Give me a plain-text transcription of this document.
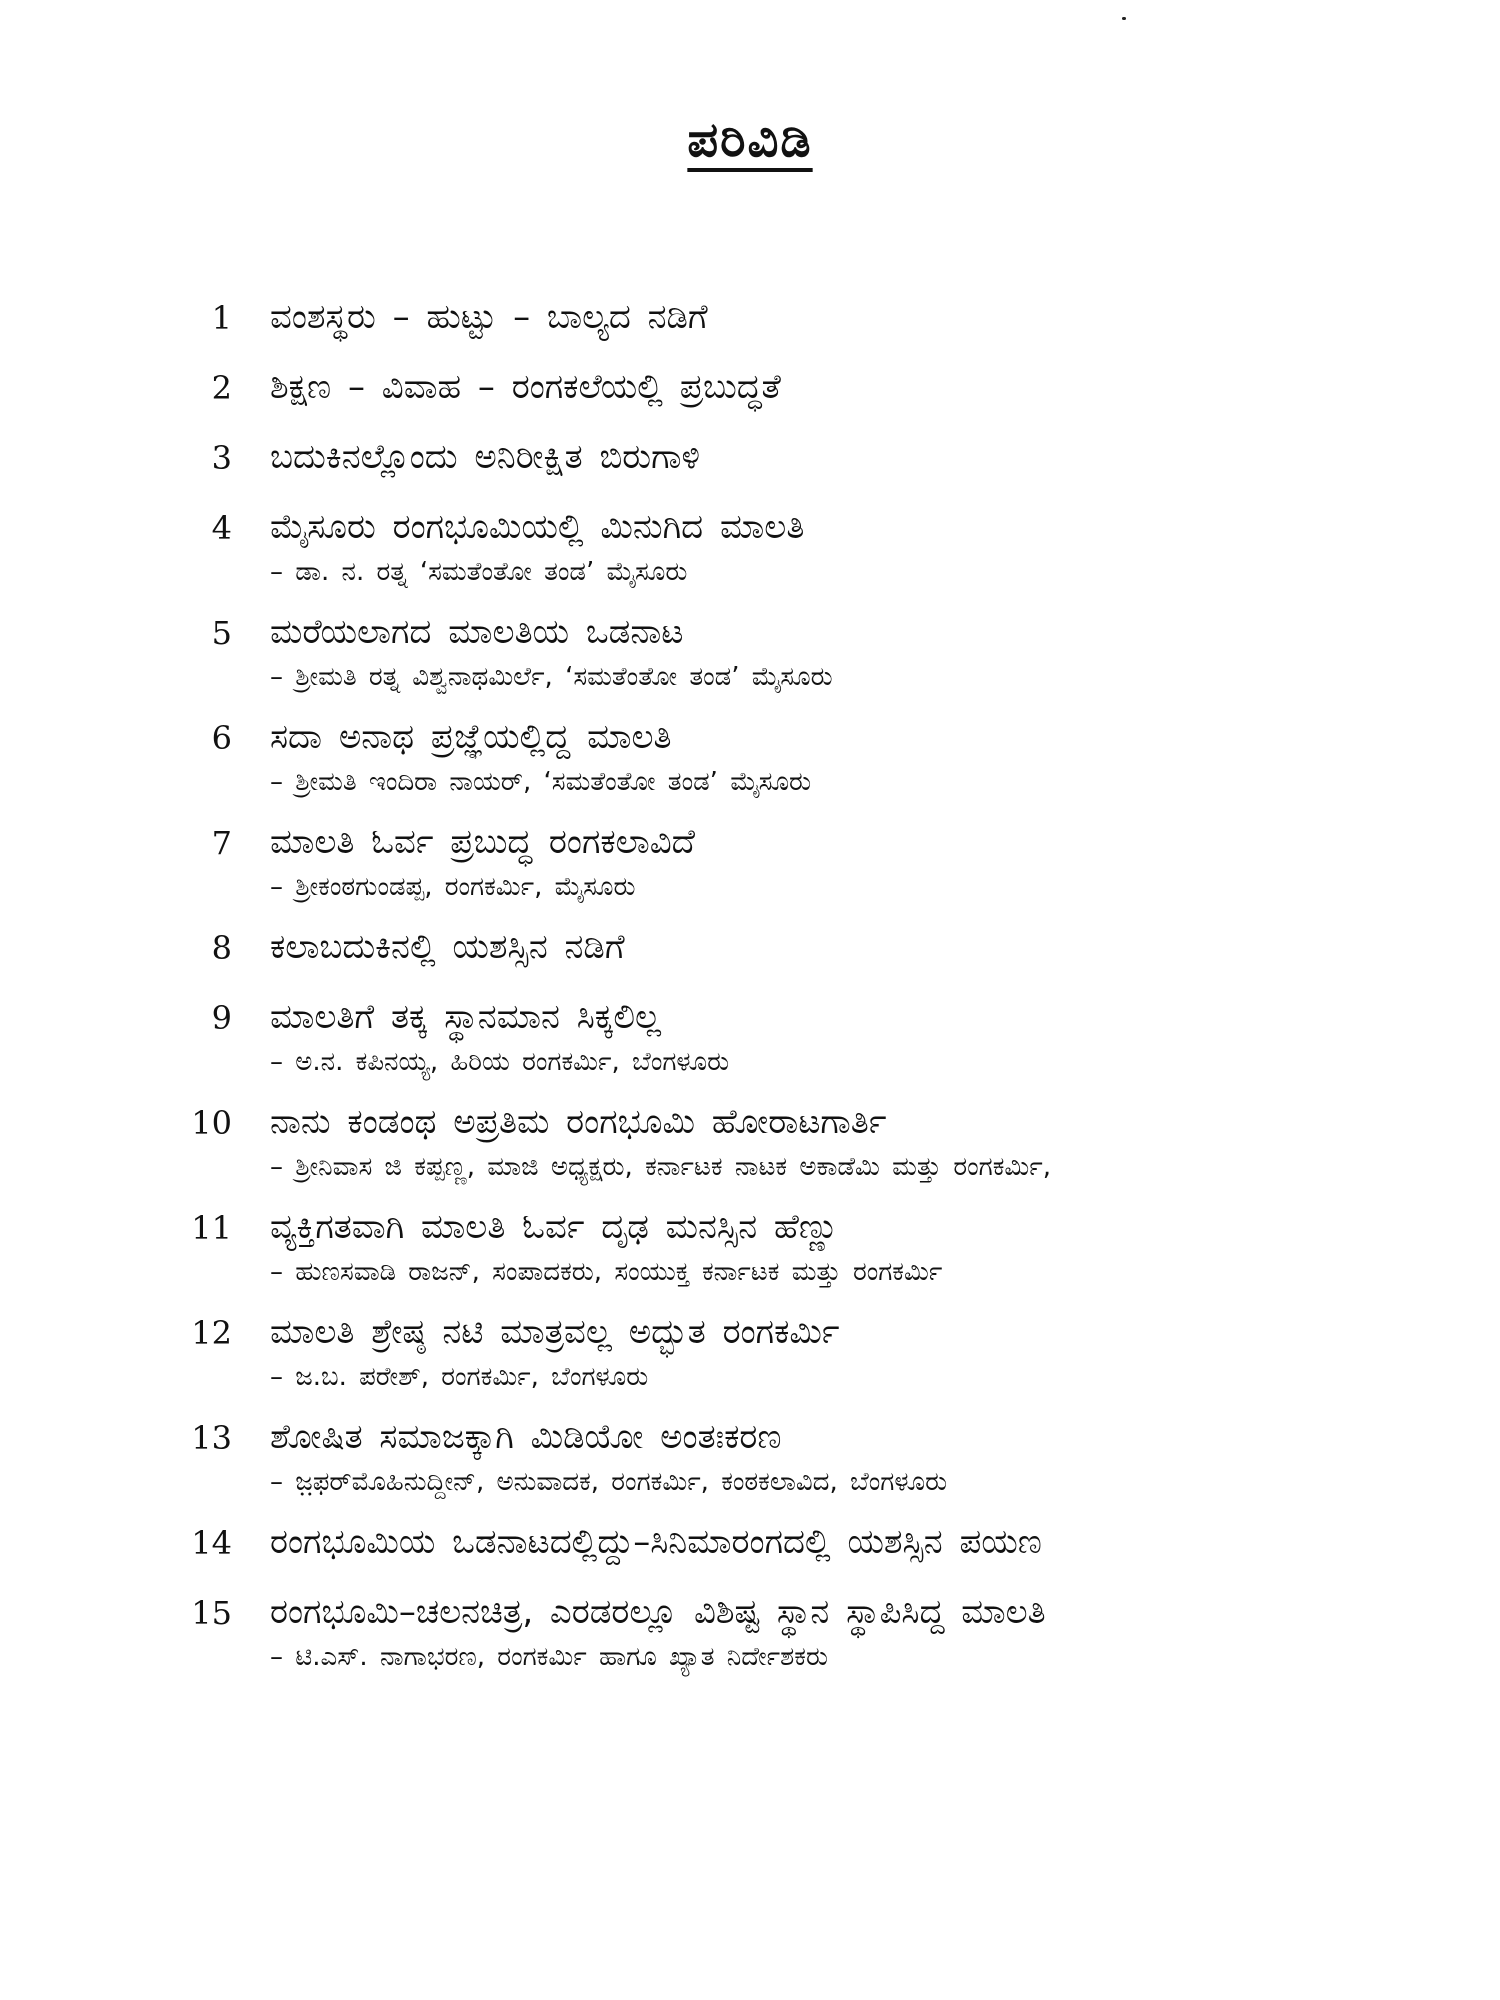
ಪರಿವಿಡಿ
1 ವಂಶಸ್ಥರು – ಹುಟ್ಟು – ಬಾಲ್ಯದ ನಡಿಗೆ
2 ಶಿಕ್ಷಣ – ವಿವಾಹ – ರಂಗಕಲೆಯಲ್ಲಿ ಪ್ರಬುದ್ಧತೆ
3 ಬದುಕಿನಲ್ಲೊಂದು ಅನಿರೀಕ್ಷಿತ ಬಿರುಗಾಳಿ
4 ಮೈಸೂರು ರಂಗಭೂಮಿಯಲ್ಲಿ ಮಿನುಗಿದ ಮಾಲತಿ
– ಡಾ. ನ. ರತ್ನ ‘ಸಮತೆಂತೋ ತಂಡ’ ಮೈಸೂರು
5 ಮರೆಯಲಾಗದ ಮಾಲತಿಯ ಒಡನಾಟ
– ಶ್ರೀಮತಿ ರತ್ನ ವಿಶ್ವನಾಥಮಿರ್ಲೆ, ‘ಸಮತೆಂತೋ ತಂಡ’ ಮೈಸೂರು
6 ಸದಾ ಅನಾಥ ಪ್ರಜ್ಞೆಯಲ್ಲಿದ್ದ ಮಾಲತಿ
– ಶ್ರೀಮತಿ ಇಂದಿರಾ ನಾಯರ್, ‘ಸಮತೆಂತೋ ತಂಡ’ ಮೈಸೂರು
7 ಮಾಲತಿ ಓರ್ವ ಪ್ರಬುದ್ಧ ರಂಗಕಲಾವಿದೆ
– ಶ್ರೀಕಂಠಗುಂಡಪ್ಪ, ರಂಗಕರ್ಮಿ, ಮೈಸೂರು
8 ಕಲಾಬದುಕಿನಲ್ಲಿ ಯಶಸ್ಸಿನ ನಡಿಗೆ
9 ಮಾಲತಿಗೆ ತಕ್ಕ ಸ್ಥಾನಮಾನ ಸಿಕ್ಕಲಿಲ್ಲ
– ಅ.ನ. ಕಪಿನಯ್ಯ, ಹಿರಿಯ ರಂಗಕರ್ಮಿ, ಬೆಂಗಳೂರು
10 ನಾನು ಕಂಡಂಥ ಅಪ್ರತಿಮ ರಂಗಭೂಮಿ ಹೋರಾಟಗಾರ್ತಿ
– ಶ್ರೀನಿವಾಸ ಜಿ ಕಪ್ಪಣ್ಣ, ಮಾಜಿ ಅಧ್ಯಕ್ಷರು, ಕರ್ನಾಟಕ ನಾಟಕ ಅಕಾಡೆಮಿ ಮತ್ತು ರಂಗಕರ್ಮಿ,
11 ವ್ಯಕ್ತಿಗತವಾಗಿ ಮಾಲತಿ ಓರ್ವ ದೃಢ ಮನಸ್ಸಿನ ಹೆಣ್ಣು
– ಹುಣಸವಾಡಿ ರಾಜನ್, ಸಂಪಾದಕರು, ಸಂಯುಕ್ತ ಕರ್ನಾಟಕ ಮತ್ತು ರಂಗಕರ್ಮಿ
12 ಮಾಲತಿ ಶ್ರೇಷ್ಠ ನಟಿ ಮಾತ್ರವಲ್ಲ ಅದ್ಭುತ ರಂಗಕರ್ಮಿ
– ಜ.ಬ. ಪರೇಶ್, ರಂಗಕರ್ಮಿ, ಬೆಂಗಳೂರು
13 ಶೋಷಿತ ಸಮಾಜಕ್ಕಾಗಿ ಮಿಡಿಯೋ ಅಂತಃಕರಣ
– ಜ಼ಫರ್‌ಮೊಹಿನುದ್ದೀನ್, ಅನುವಾದಕ, ರಂಗಕರ್ಮಿ, ಕಂಠಕಲಾವಿದ, ಬೆಂಗಳೂರು
14 ರಂಗಭೂಮಿಯ ಒಡನಾಟದಲ್ಲಿದ್ದು–ಸಿನಿಮಾರಂಗದಲ್ಲಿ ಯಶಸ್ಸಿನ ಪಯಣ
15 ರಂಗಭೂಮಿ–ಚಲನಚಿತ್ರ, ಎರಡರಲ್ಲೂ ವಿಶಿಷ್ಟ ಸ್ಥಾನ ಸ್ಥಾಪಿಸಿದ್ದ ಮಾಲತಿ
– ಟಿ.ಎಸ್. ನಾಗಾಭರಣ, ರಂಗಕರ್ಮಿ ಹಾಗೂ ಖ್ಯಾತ ನಿರ್ದೇಶಕರು
